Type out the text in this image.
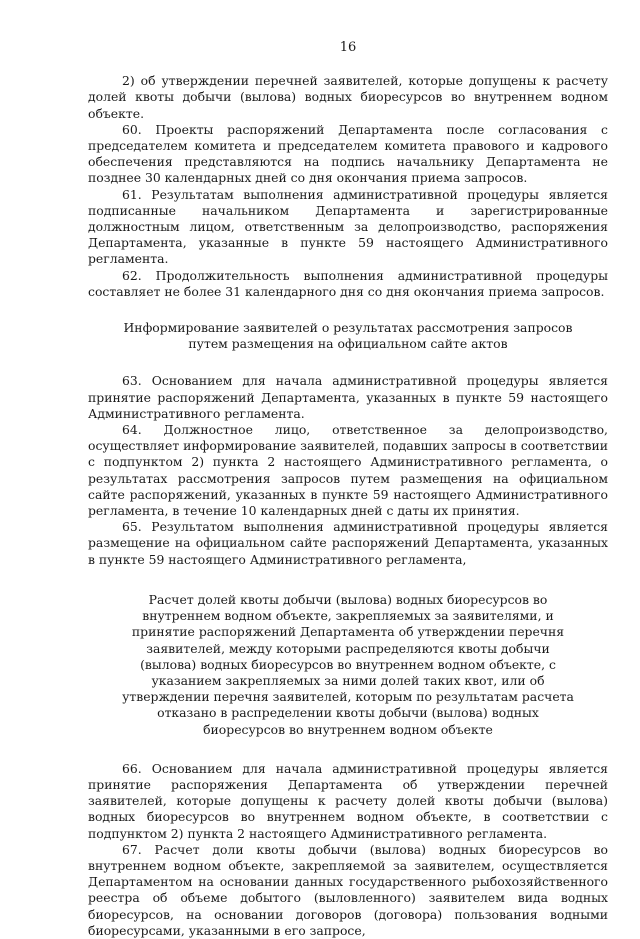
16

2) об утверждении перечней заявителей, которые допущены к расчету долей квоты добычи (вылова) водных биоресурсов во внутреннем водном объекте.

60. Проекты распоряжений Департамента после согласования с председателем комитета и председателем комитета правового и кадрового обеспечения представляются на подпись начальнику Департамента не позднее 30 календарных дней со дня окончания приема запросов.

61. Результатам выполнения административной процедуры является подписанные начальником Департамента и зарегистрированные должностным лицом, ответственным за делопроизводство, распоряжения Департамента, указанные в пункте 59 настоящего Административного регламента.

62. Продолжительность выполнения административной процедуры составляет не более 31 календарного дня со дня окончания приема запросов.

Информирование заявителей о результатах рассмотрения запросов путем размещения на официальном сайте актов

63. Основанием для начала административной процедуры является принятие распоряжений Департамента, указанных в пункте 59 настоящего Административного регламента.

64. Должностное лицо, ответственное за делопроизводство, осуществляет информирование заявителей, подавших запросы в соответствии с подпунктом 2) пункта 2 настоящего Административного регламента, о результатах рассмотрения запросов путем размещения на официальном сайте распоряжений, указанных в пункте 59 настоящего Административного регламента, в течение 10 календарных дней с даты их принятия.

65. Результатом выполнения административной процедуры является размещение на официальном сайте распоряжений Департамента, указанных в пункте 59 настоящего Административного регламента,

Расчет долей квоты добычи (вылова) водных биоресурсов во внутреннем водном объекте, закрепляемых за заявителями, и принятие распоряжений Департамента об утверждении перечня заявителей, между которыми распределяются квоты добычи (вылова) водных биоресурсов во внутреннем водном объекте, с указанием закрепляемых за ними долей таких квот, или об утверждении перечня заявителей, которым по результатам расчета отказано в распределении квоты добычи (вылова) водных биоресурсов во внутреннем водном объекте

66. Основанием для начала административной процедуры является принятие распоряжения Департамента об утверждении перечней заявителей, которые допущены к расчету долей квоты добычи (вылова) водных биоресурсов во внутреннем водном объекте, в соответствии с подпунктом 2) пункта 2 настоящего Административного регламента.

67. Расчет доли квоты добычи (вылова) водных биоресурсов во внутреннем водном объекте, закрепляемой за заявителем, осуществляется Департаментом на основании данных государственного рыбохозяйственного реестра об объеме добытого (выловленного) заявителем вида водных биоресурсов, на основании договоров (договора) пользования водными биоресурсами, указанными в его запросе,
